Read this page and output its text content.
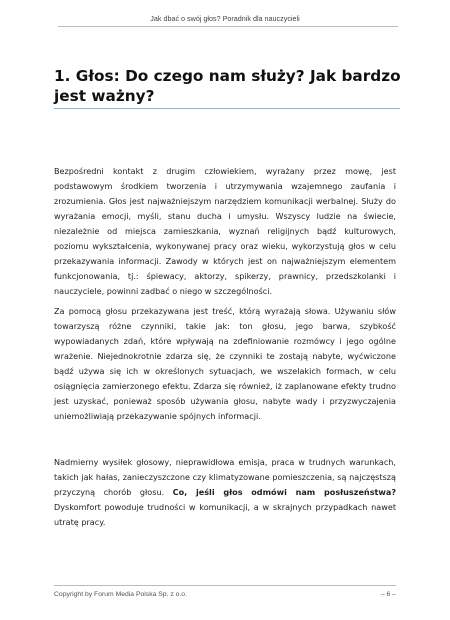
Jak dbać o swój głos? Poradnik dla nauczycieli
1. Głos: Do czego nam służy? Jak bardzo jest ważny?

Bezpośredni kontakt z drugim człowiekiem, wyrażany przez mowę, jest podstawowym środkiem tworzenia i utrzymywania wzajemnego zaufania i zrozumienia. Głos jest najważniejszym narzędziem komunikacji werbalnej. Służy do wyrażania emocji, myśli, stanu ducha i umysłu. Wszyscy ludzie na świecie, niezależnie od miejsca zamieszkania, wyznań religijnych bądź kulturowych, poziomu wykształcenia, wykonywanej pracy oraz wieku, wykorzystują głos w celu przekazywania informacji. Zawody w których jest on najważniejszym elementem funkcjonowania, tj.: śpiewacy, aktorzy, spikerzy, prawnicy, przedszkolanki i nauczyciele, powinni zadbać o niego w szczególności.

Za pomocą głosu przekazywana jest treść, którą wyrażają słowa. Używaniu słów towarzyszą różne czynniki, takie jak: ton głosu, jego barwa, szybkość wypowiadanych zdań, które wpływają na zdefiniowanie rozmówcy i jego ogólne wrażenie. Niejednokrotnie zdarza się, że czynniki te zostają nabyte, wyćwiczone bądź używa się ich w określonych sytuacjach, we wszelakich formach, w celu osiągnięcia zamierzonego efektu. Zdarza się również, iż zaplanowane efekty trudno jest uzyskać, ponieważ sposób używania głosu, nabyte wady i przyzwyczajenia uniemożliwiają przekazywanie spójnych informacji.

Nadmierny wysiłek głosowy, nieprawidłowa emisja, praca w trudnych warunkach, takich jak hałas, zanieczyszczone czy klimatyzowane pomieszczenia, są najczęstszą przyczyną chorób głosu. Co, jeśli głos odmówi nam posłuszeństwa? Dyskomfort powoduje trudności w komunikacji, a w skrajnych przypadkach nawet utratę pracy.

Copyright by Forum Media Polska Sp. z o.o.	– 6 –
